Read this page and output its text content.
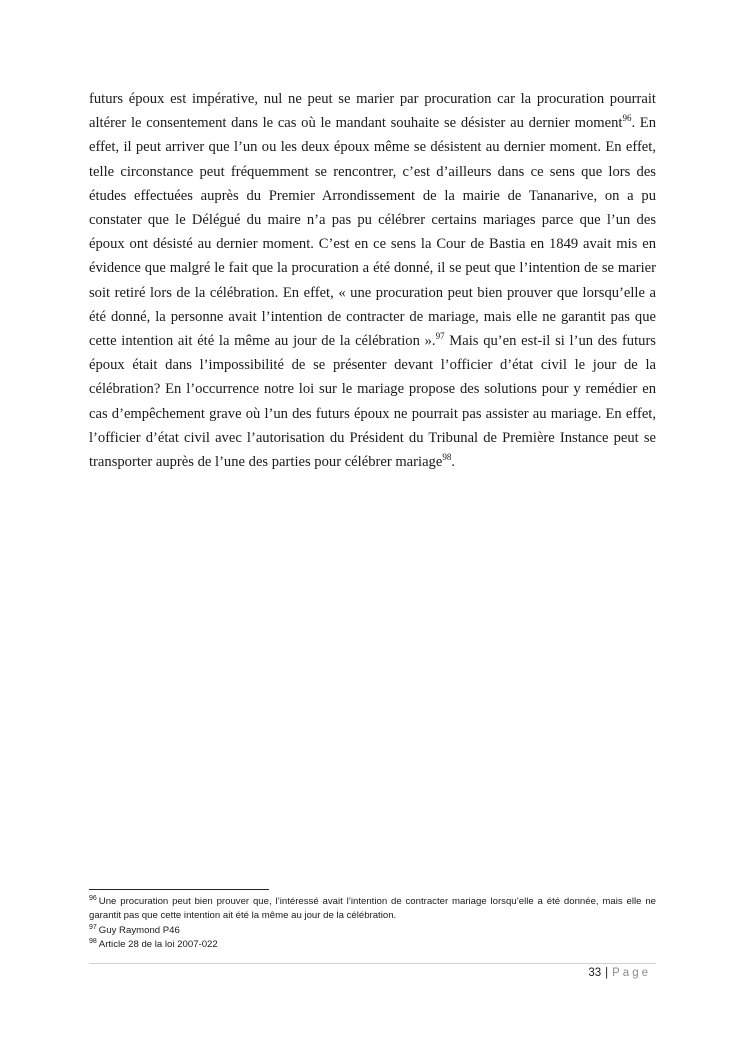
futurs époux est impérative, nul ne peut se marier par procuration car la procuration pourrait altérer le consentement dans le cas où le mandant souhaite se désister au dernier moment$^{96}$. En effet, il peut arriver que l’un ou les deux époux même se désistent au dernier moment. En effet, telle circonstance peut fréquemment se rencontrer, c’est d’ailleurs dans ce sens que lors des études effectuées auprès du Premier Arrondissement de la mairie de Tananarive, on a pu constater que le Délégué du maire n’a pas pu célébrer certains mariages parce que l’un des époux ont désisté au dernier moment. C’est en ce sens la Cour de Bastia en 1849 avait mis en évidence que malgré le fait que la procuration a été donné, il se peut que l’intention de se marier soit retiré lors de la célébration. En effet, « une procuration peut bien prouver que lorsqu’elle a été donné, la personne avait l’intention de contracter de mariage, mais elle ne garantit pas que cette intention ait été la même au jour de la célébration ».$^{97}$ Mais qu’en est-il si l’un des futurs époux était dans l’impossibilité de se présenter devant l’officier d’état civil le jour de la célébration? En l’occurrence notre loi sur le mariage propose des solutions pour y remédier en cas d’empêchement grave où l’un des futurs époux ne pourrait pas assister au mariage. En effet, l’officier d’état civil avec l’autorisation du Président du Tribunal de Première Instance peut se transporter auprès de l’une des parties pour célébrer mariage$^{98}$.

$^{96}$ Une procuration peut bien prouver que, l’intéressé avait l’intention de contracter mariage lorsqu’elle a été donnée, mais elle ne garantit pas que cette intention ait été la même au jour de la célébration.

$^{97}$ Guy Raymond P46

$^{98}$ Article 28 de la loi 2007-022

33 | Page
